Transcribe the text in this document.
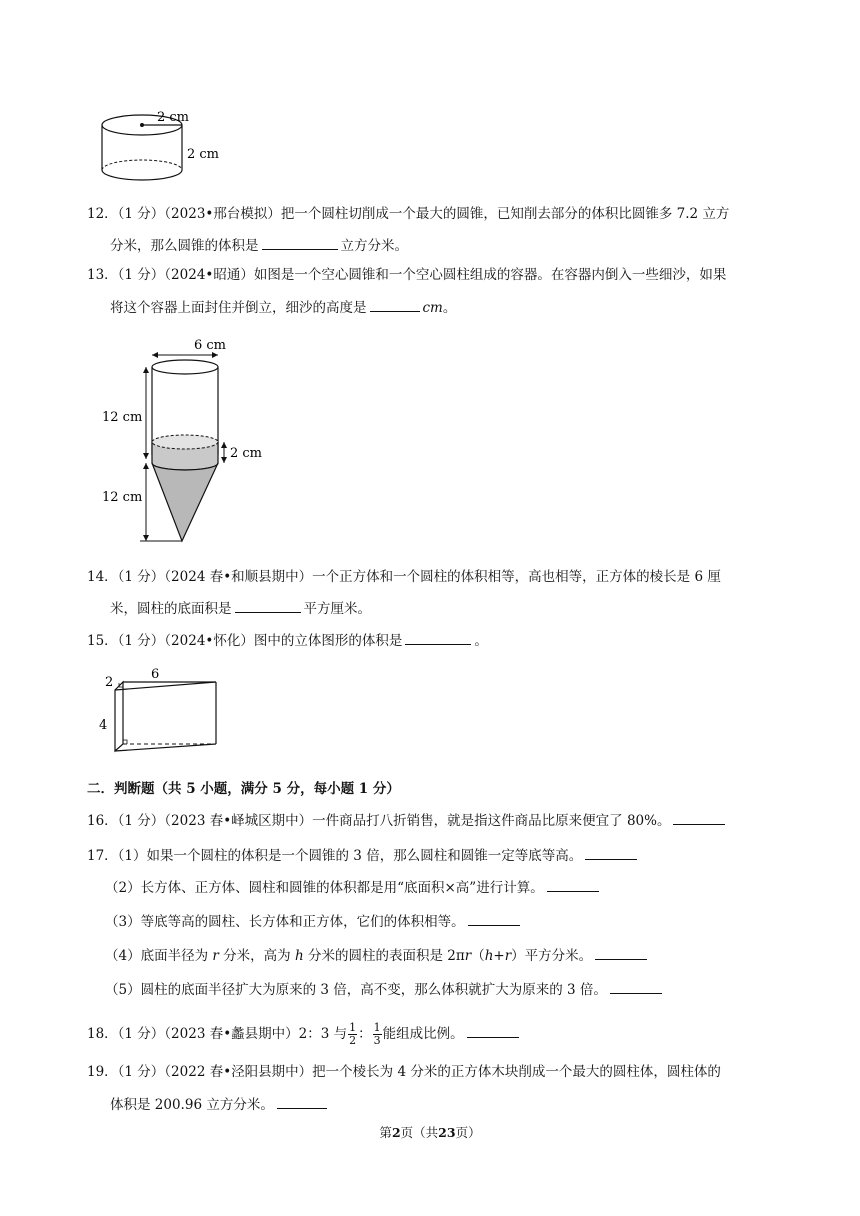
2 cm
2 cm
12．（1 分）（2023•邢台模拟）把一个圆柱切削成一个最大的圆锥，已知削去部分的体积比圆锥多 7.2 立方
分米，那么圆锥的体积是	立方分米。
13．（1 分）（2024•昭通）如图是一个空心圆锥和一个空心圆柱组成的容器。在容器内倒入一些细沙，如果
将这个容器上面封住并倒立，细沙的高度是	cm。
6 cm
12 cm
12 cm
2 cm
14．（1 分）（2024 春•和顺县期中）一个正方体和一个圆柱的体积相等，高也相等，正方体的棱长是 6 厘
米，圆柱的底面积是	平方厘米。
15．（1 分）（2024•怀化）图中的立体图形的体积是	。
2
6
4
二．判断题（共 5 小题，满分 5 分，每小题 1 分）
16．（1 分）（2023 春•峄城区期中）一件商品打八折销售，就是指这件商品比原来便宜了 80%。
17．（1）如果一个圆柱的体积是一个圆锥的 3 倍，那么圆柱和圆锥一定等底等高。
（2）长方体、正方体、圆柱和圆锥的体积都是用“底面积×高”进行计算。
（3）等底等高的圆柱、长方体和正方体，它们的体积相等。
（4）底面半径为 r 分米，高为 h 分米的圆柱的表面积是 2πr（h+r）平方分米。
（5）圆柱的底面半径扩大为原来的 3 倍，高不变，那么体积就扩大为原来的 3 倍。
18．（1 分）（2023 春•蠡县期中）2：3 与 $\frac{1}{2}$ ： $\frac{1}{3}$ 能组成比例。
19．（1 分）（2022 春•泾阳县期中）把一个棱长为 4 分米的正方体木块削成一个最大的圆柱体，圆柱体的
体积是 200.96 立方分米。
第2页（共23页）
